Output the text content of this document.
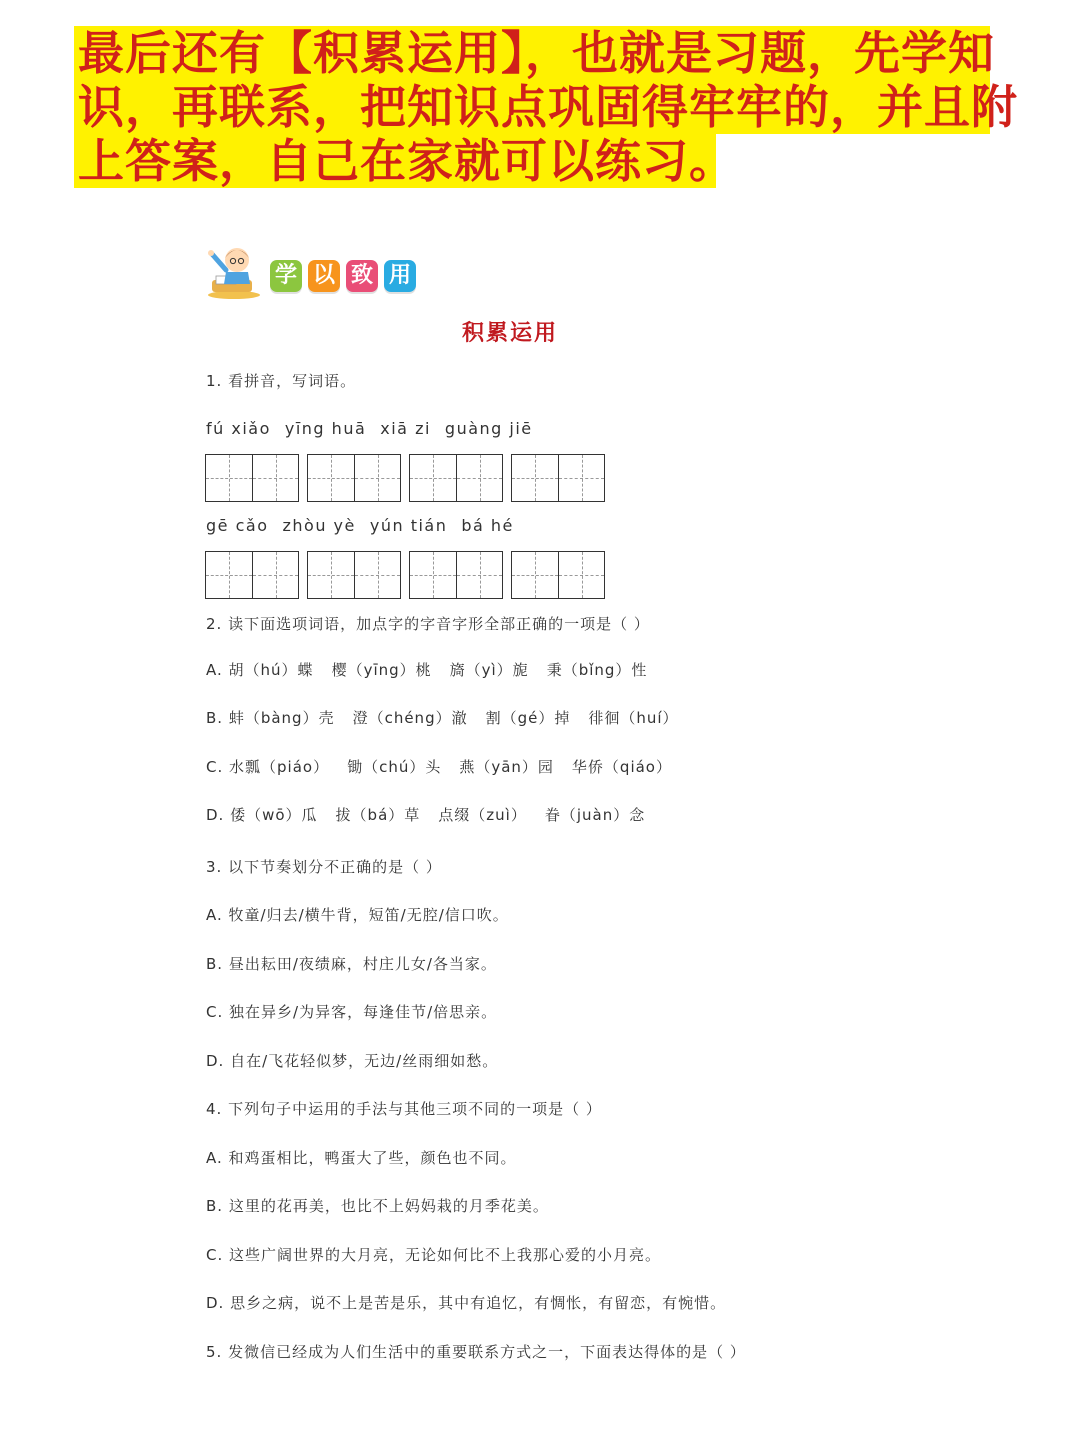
最后还有【积累运用】，也就是习题，先学知
识，再联系，把知识点巩固得牢牢的，并且附
上答案，自己在家就可以练习。
学 以 致 用
积累运用
1. 看拼音，写词语。
fú xiǎo yīng huā xiā zi guàng jiē
gē cǎo zhòu yè yún tián bá hé
2. 读下面选项词语，加点字的字音字形全部正确的一项是（ ）
A. 胡（hú）蝶 樱（yīng）桃 旖（yì）旎 秉（bǐng）性
B. 蚌（bàng）壳 澄（chéng）澈 割（gé）掉 徘徊（huí）
C. 水瓢（piáo） 锄（chú）头 燕（yān）园 华侨（qiáo）
D. 倭（wō）瓜 拔（bá）草 点缀（zuì） 眷（juàn）念
3. 以下节奏划分不正确的是（ ）
A. 牧童/归去/横牛背，短笛/无腔/信口吹。
B. 昼出耘田/夜绩麻，村庄儿女/各当家。
C. 独在异乡/为异客，每逢佳节/倍思亲。
D. 自在/飞花轻似梦，无边/丝雨细如愁。
4. 下列句子中运用的手法与其他三项不同的一项是（ ）
A. 和鸡蛋相比，鸭蛋大了些，颜色也不同。
B. 这里的花再美，也比不上妈妈栽的月季花美。
C. 这些广阔世界的大月亮，无论如何比不上我那心爱的小月亮。
D. 思乡之病，说不上是苦是乐，其中有追忆，有惆怅，有留恋，有惋惜。
5. 发微信已经成为人们生活中的重要联系方式之一，下面表达得体的是（ ）
